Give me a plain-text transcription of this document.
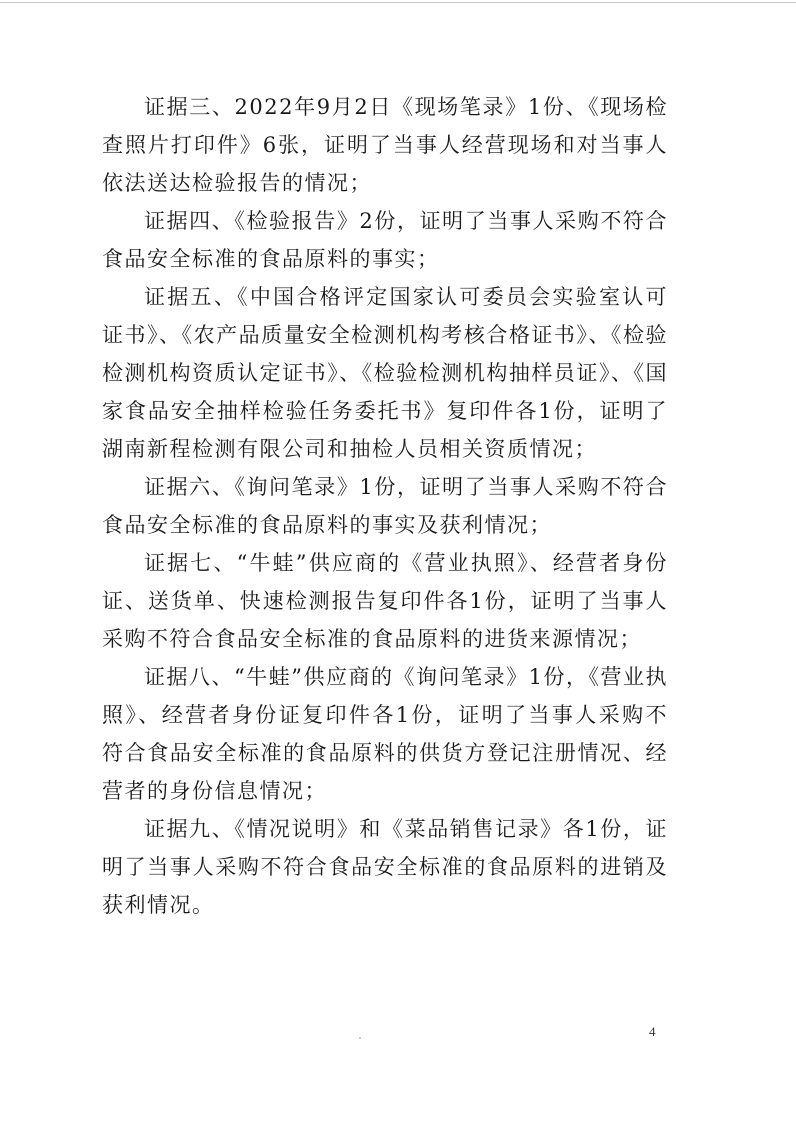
证据三、2022年9月2日《现场笔录》1份、《现场检查照片打印件》6张，证明了当事人经营现场和对当事人依法送达检验报告的情况；

证据四、《检验报告》2份，证明了当事人采购不符合食品安全标准的食品原料的事实；

证据五、《中国合格评定国家认可委员会实验室认可证书》、《农产品质量安全检测机构考核合格证书》、《检验检测机构资质认定证书》、《检验检测机构抽样员证》、《国家食品安全抽样检验任务委托书》复印件各1份，证明了湖南新程检测有限公司和抽检人员相关资质情况；

证据六、《询问笔录》1份，证明了当事人采购不符合食品安全标准的食品原料的事实及获利情况；

证据七、“牛蛙”供应商的《营业执照》、经营者身份证、送货单、快速检测报告复印件各1份，证明了当事人采购不符合食品安全标准的食品原料的进货来源情况；

证据八、“牛蛙”供应商的《询问笔录》1份，《营业执照》、经营者身份证复印件各1份，证明了当事人采购不符合食品安全标准的食品原料的供货方登记注册情况、经营者的身份信息情况；

证据九、《情况说明》和《菜品销售记录》各1份，证明了当事人采购不符合食品安全标准的食品原料的进销及获利情况。

4
